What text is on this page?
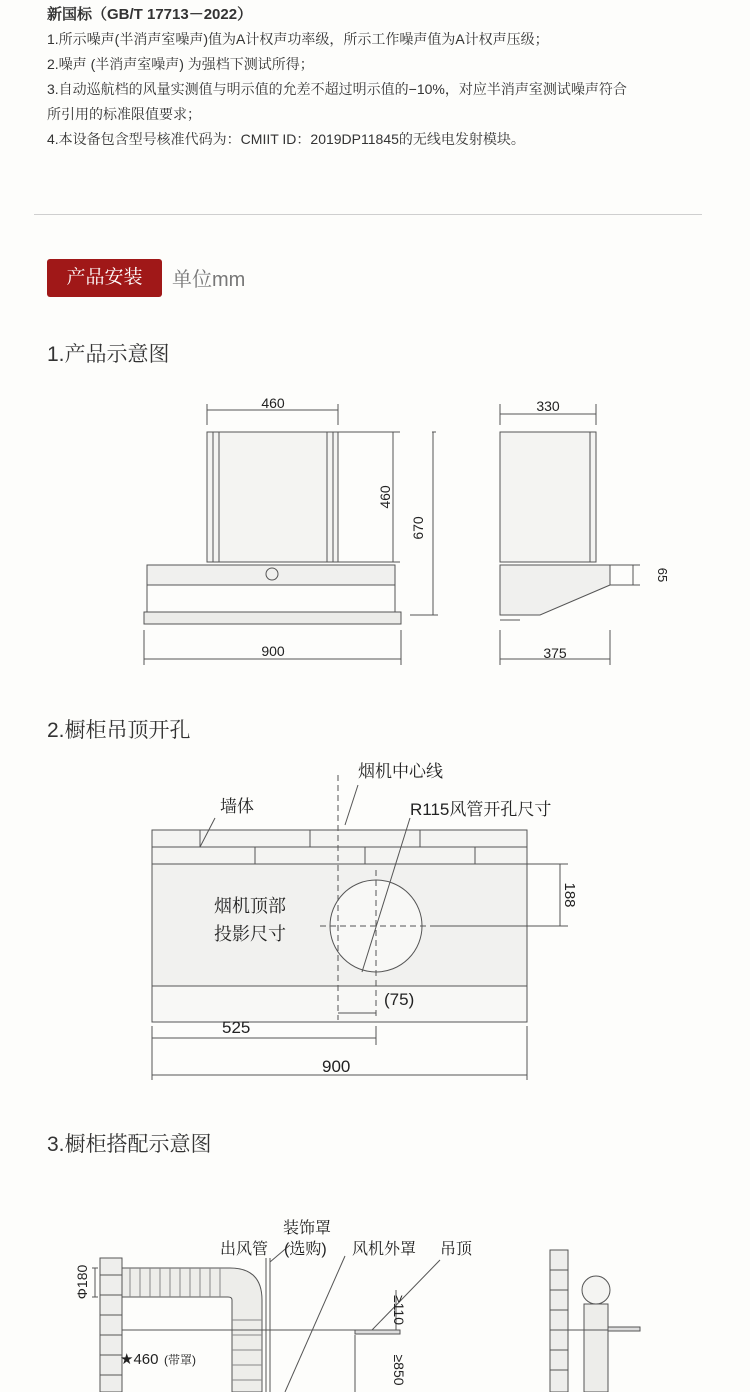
新国标（GB/T 17713－2022）
1.所示噪声(半消声室噪声)值为A计权声功率级，所示工作噪声值为A计权声压级；
2.噪声 (半消声室噪声) 为强档下测试所得；
3.自动巡航档的风量实测值与明示值的允差不超过明示值的−10%，对应半消声室测试噪声符合
所引用的标准限值要求；
4.本设备包含型号核准代码为：CMIIT ID：2019DP11845的无线电发射模块。
产品安装	单位mm
1.产品示意图
2.橱柜吊顶开孔
3.橱柜搭配示意图
460
460
670
900
330
65
375
烟机中心线
墙体	R115风管开孔尺寸
烟机顶部
投影尺寸
188
(75)
525
900
装饰罩
出风管 (选购) 风机外罩 吊顶
Φ180
≥110
★460 (带罩)	≥850
